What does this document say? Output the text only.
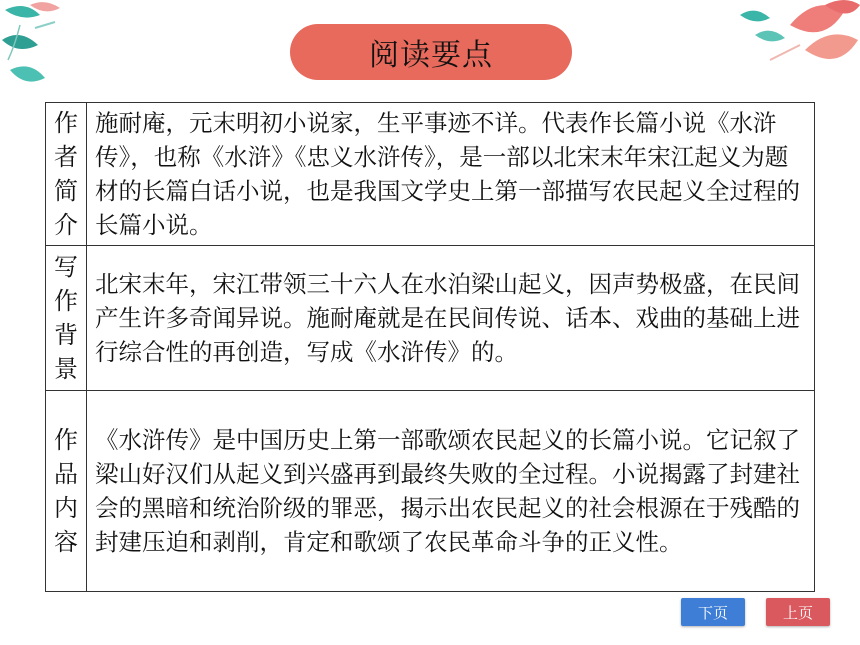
阅读要点
作
者
简
介	施耐庵，元末明初小说家，生平事迹不详。代表作长篇小说《水浒传》，也称《水浒》《忠义水浒传》，是一部以北宋末年宋江起义为题材的长篇白话小说，也是我国文学史上第一部描写农民起义全过程的长篇小说。

写
作
背
景	北宋末年，宋江带领三十六人在水泊梁山起义，因声势极盛，在民间产生许多奇闻异说。施耐庵就是在民间传说、话本、戏曲的基础上进行综合性的再创造，写成《水浒传》的。

作
品
内
容	《水浒传》是中国历史上第一部歌颂农民起义的长篇小说。它记叙了梁山好汉们从起义到兴盛再到最终失败的全过程。小说揭露了封建社会的黑暗和统治阶级的罪恶，揭示出农民起义的社会根源在于残酷的封建压迫和剥削，肯定和歌颂了农民革命斗争的正义性。
下页	上页
